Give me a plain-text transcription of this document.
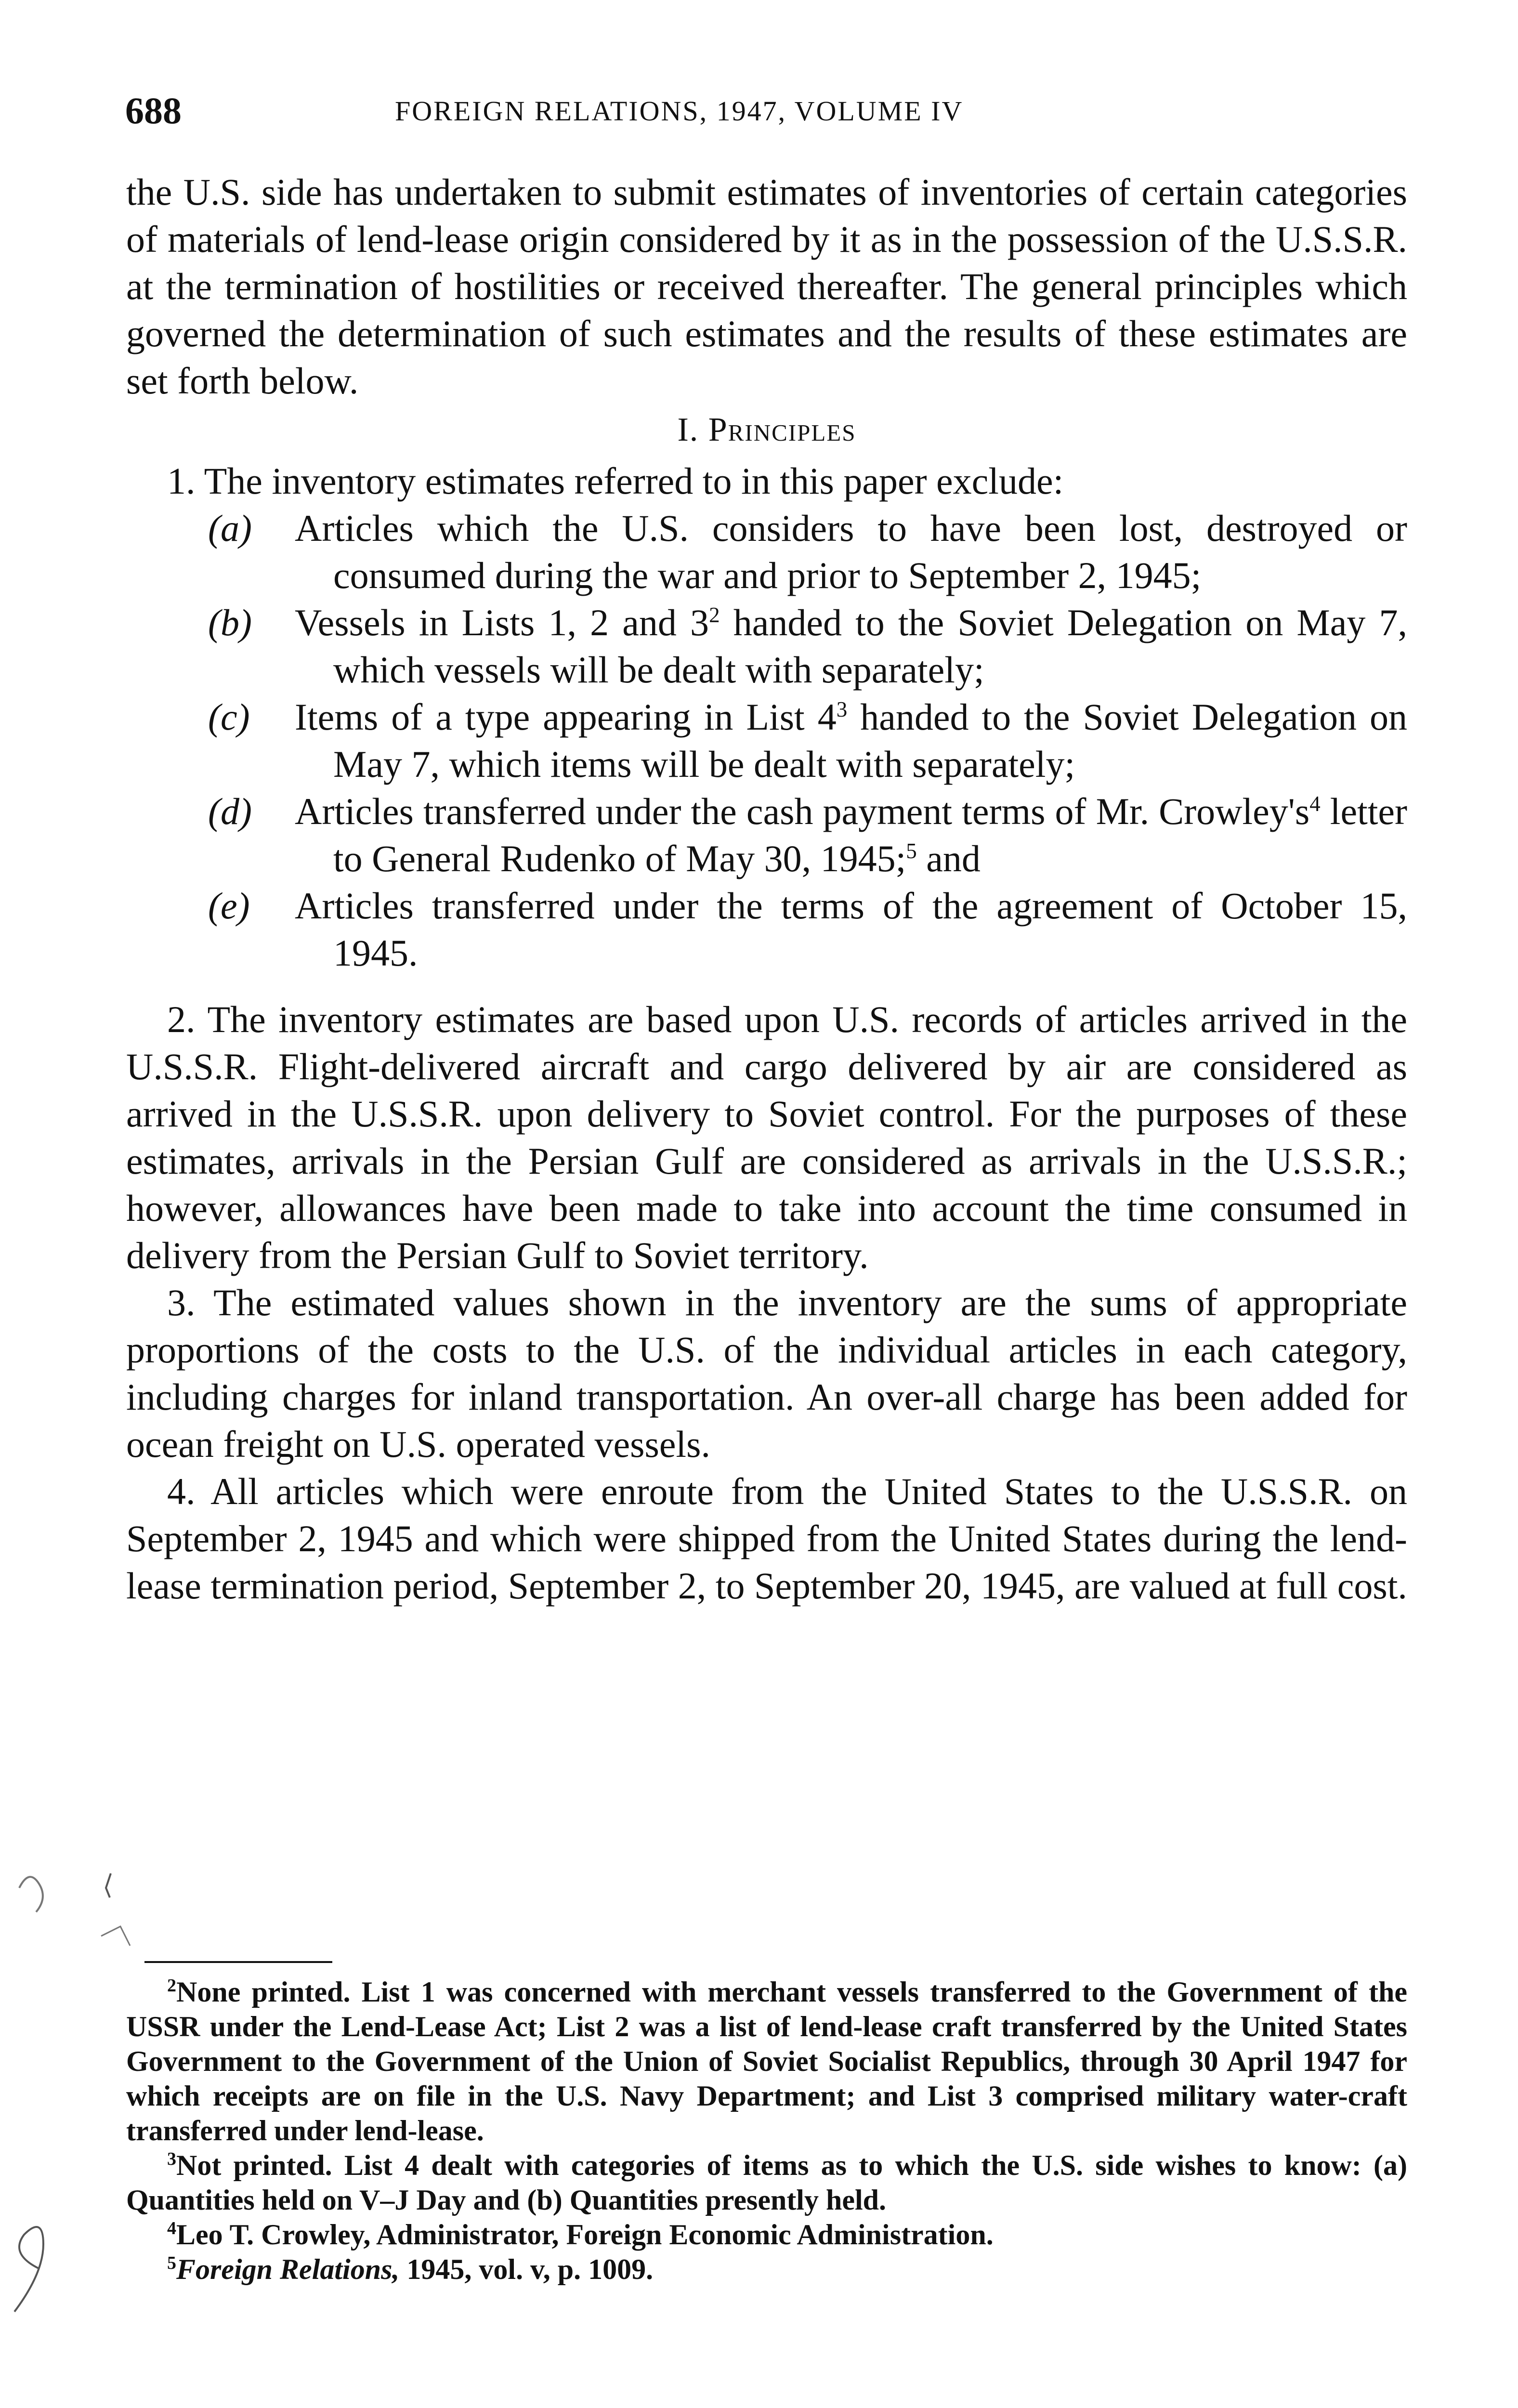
688	FOREIGN RELATIONS, 1947, VOLUME IV

the U.S. side has undertaken to submit estimates of inventories of certain categories of materials of lend-lease origin considered by it as in the possession of the U.S.S.R. at the termination of hostilities or received thereafter. The general principles which governed the determination of such estimates and the results of these estimates are set forth below.

I. Principles

1. The inventory estimates referred to in this paper exclude:

(a) Articles which the U.S. considers to have been lost, destroyed or consumed during the war and prior to September 2, 1945;
(b) Vessels in Lists 1, 2 and $3^2$ handed to the Soviet Delegation on May 7, which vessels will be dealt with separately;
(c) Items of a type appearing in List $4^3$ handed to the Soviet Delegation on May 7, which items will be dealt with separately;
(d) Articles transferred under the cash payment terms of Mr. $Crowley's^4$ letter to General Rudenko of May 30, 1945;$^5$ and
(e) Articles transferred under the terms of the agreement of October 15, 1945.

2. The inventory estimates are based upon U.S. records of articles arrived in the U.S.S.R. Flight-delivered aircraft and cargo delivered by air are considered as arrived in the U.S.S.R. upon delivery to Soviet control. For the purposes of these estimates, arrivals in the Persian Gulf are considered as arrivals in the U.S.S.R.; however, allowances have been made to take into account the time consumed in delivery from the Persian Gulf to Soviet territory.

3. The estimated values shown in the inventory are the sums of appropriate proportions of the costs to the U.S. of the individual articles in each category, including charges for inland transportation. An over-all charge has been added for ocean freight on U.S. operated vessels.

4. All articles which were enroute from the United States to the U.S.S.R. on September 2, 1945 and which were shipped from the United States during the lend-lease termination period, September 2, to September 20, 1945, are valued at full cost.

$^2$None printed. List 1 was concerned with merchant vessels transferred to the Government of the USSR under the Lend-Lease Act; List 2 was a list of lend-lease craft transferred by the United States Government to the Government of the Union of Soviet Socialist Republics, through 30 April 1947 for which receipts are on file in the U.S. Navy Department; and List 3 comprised military water-craft transferred under lend-lease.

$^3$Not printed. List 4 dealt with categories of items as to which the U.S. side wishes to know: (a) Quantities held on V–J Day and (b) Quantities presently held.

$^4$Leo T. Crowley, Administrator, Foreign Economic Administration.

$^5$Foreign Relations, 1945, vol. v, p. 1009.
